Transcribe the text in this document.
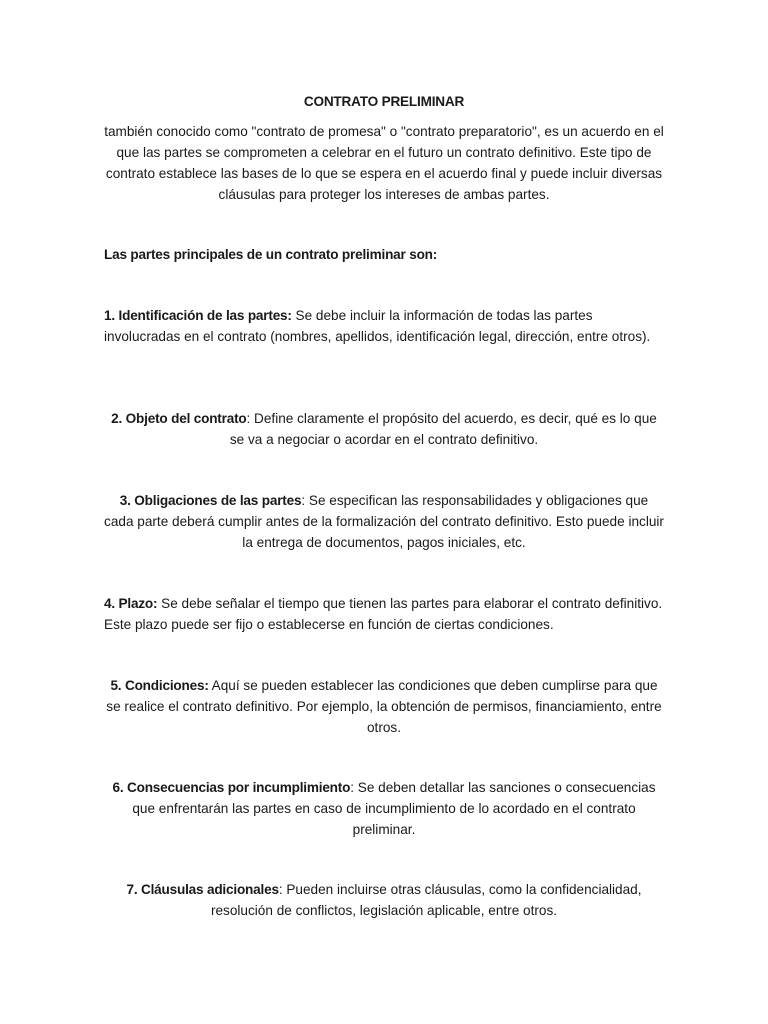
CONTRATO PRELIMINAR

también conocido como "contrato de promesa" o "contrato preparatorio", es un acuerdo en el que las partes se comprometen a celebrar en el futuro un contrato definitivo. Este tipo de contrato establece las bases de lo que se espera en el acuerdo final y puede incluir diversas cláusulas para proteger los intereses de ambas partes.

Las partes principales de un contrato preliminar son:

1. Identificación de las partes: Se debe incluir la información de todas las partes involucradas en el contrato (nombres, apellidos, identificación legal, dirección, entre otros).

2. Objeto del contrato: Define claramente el propósito del acuerdo, es decir, qué es lo que se va a negociar o acordar en el contrato definitivo.

3. Obligaciones de las partes: Se especifican las responsabilidades y obligaciones que cada parte deberá cumplir antes de la formalización del contrato definitivo. Esto puede incluir la entrega de documentos, pagos iniciales, etc.

4. Plazo: Se debe señalar el tiempo que tienen las partes para elaborar el contrato definitivo. Este plazo puede ser fijo o establecerse en función de ciertas condiciones.

5. Condiciones: Aquí se pueden establecer las condiciones que deben cumplirse para que se realice el contrato definitivo. Por ejemplo, la obtención de permisos, financiamiento, entre otros.

6. Consecuencias por incumplimiento: Se deben detallar las sanciones o consecuencias que enfrentarán las partes en caso de incumplimiento de lo acordado en el contrato preliminar.

7. Cláusulas adicionales: Pueden incluirse otras cláusulas, como la confidencialidad, resolución de conflictos, legislación aplicable, entre otros.
